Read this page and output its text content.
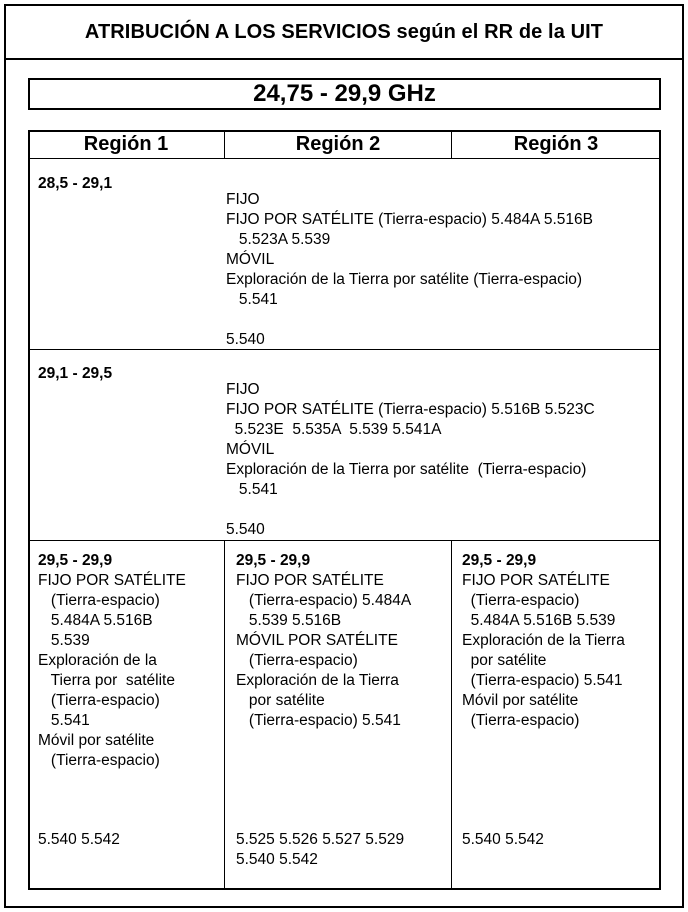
ATRIBUCIÓN A LOS SERVICIOS según el RR de la UIT
24,75 - 29,9 GHz
Región 1	Región 2	Región 3
28,5 - 29,1
FIJO
FIJO POR SATÉLITE (Tierra-espacio) 5.484A 5.516B
5.523A 5.539
MÓVIL
Exploración de la Tierra por satélite (Tierra-espacio)
5.541
5.540
29,1 - 29,5
FIJO
FIJO POR SATÉLITE (Tierra-espacio) 5.516B 5.523C
5.523E  5.535A  5.539 5.541A
MÓVIL
Exploración de la Tierra por satélite  (Tierra-espacio)
5.541
5.540
29,5 - 29,9
FIJO POR SATÉLITE
(Tierra-espacio)
5.484A 5.516B
5.539
Exploración de la
Tierra por  satélite
(Tierra-espacio)
5.541
Móvil por satélite
(Tierra-espacio)
5.540 5.542
29,5 - 29,9
FIJO POR SATÉLITE
(Tierra-espacio) 5.484A
5.539 5.516B
MÓVIL POR SATÉLITE
(Tierra-espacio)
Exploración de la Tierra
por satélite
(Tierra-espacio) 5.541
5.525 5.526 5.527 5.529
5.540 5.542
29,5 - 29,9
FIJO POR SATÉLITE
(Tierra-espacio)
5.484A 5.516B 5.539
Exploración de la Tierra
por satélite
(Tierra-espacio) 5.541
Móvil por satélite
(Tierra-espacio)
5.540 5.542
